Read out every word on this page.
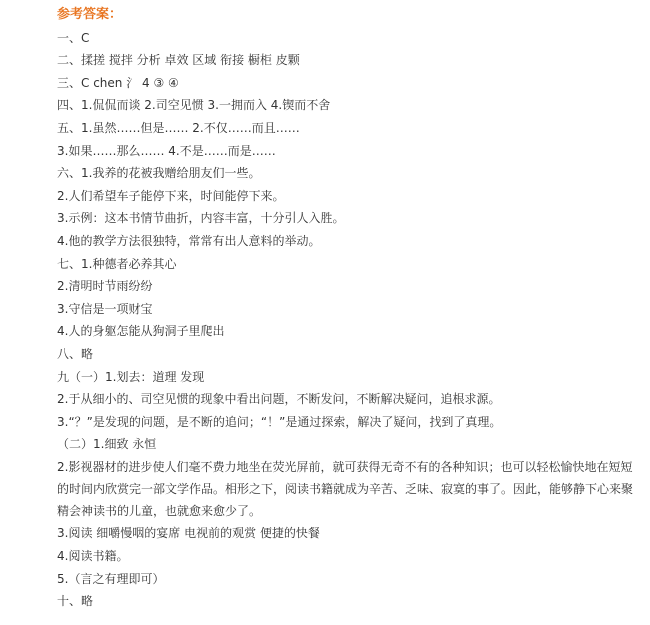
参考答案：
一、C
二、揉搓 搅拌 分析 卓效 区域 衔接 橱柜 皮颗
三、C chen 氵 4 ③ ④
四、1.侃侃而谈 2.司空见惯 3.一拥而入 4.锲而不舍
五、1.虽然……但是…… 2.不仅……而且……
3.如果……那么…… 4.不是……而是……
六、1.我养的花被我赠给朋友们一些。
2.人们希望车子能停下来，时间能停下来。
3.示例：这本书情节曲折，内容丰富，十分引人入胜。
4.他的教学方法很独特，常常有出人意料的举动。
七、1.种德者必养其心
2.清明时节雨纷纷
3.守信是一项财宝
4.人的身躯怎能从狗洞子里爬出
八、略
九（一）1.划去：道理 发现
2.于从细小的、司空见惯的现象中看出问题，不断发问，不断解决疑问，追根求源。
3.“？”是发现的问题，是不断的追问；“！”是通过探索，解决了疑问，找到了真理。
（二）1.细致 永恒
2.影视器材的进步使人们毫不费力地坐在荧光屏前，就可获得无奇不有的各种知识；也可以轻松愉快地在短短的时间内欣赏完一部文学作品。相形之下，阅读书籍就成为辛苦、乏味、寂寞的事了。因此，能够静下心来聚精会神读书的儿童，也就愈来愈少了。
3.阅读 细嚼慢咽的宴席 电视前的观赏 便捷的快餐
4.阅读书籍。
5.（言之有理即可）
十、略
